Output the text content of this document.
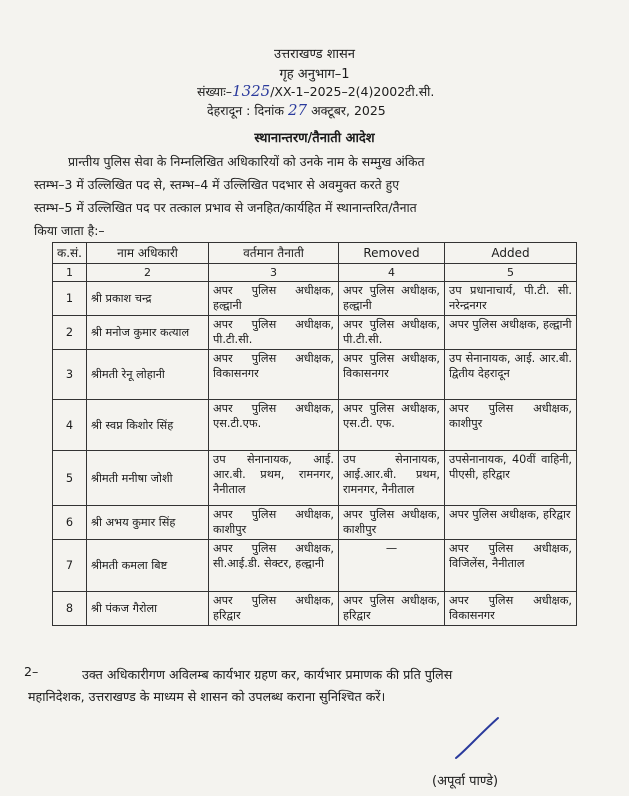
उत्तराखण्ड शासन
गृह अनुभाग–1
संख्याः–1325/XX-1–2025–2(4)2002टी.सी.
देहरादून : दिनांक 27 अक्टूबर, 2025
स्थानान्तरण/तैनाती आदेश
प्रान्तीय पुलिस सेवा के निम्नलिखित अधिकारियों को उनके नाम के सम्मुख अंकित
स्तम्भ–3 में उल्लिखित पद से, स्तम्भ–4 में उल्लिखित पदभार से अवमुक्त करते हुए
स्तम्भ–5 में उल्लिखित पद पर तत्काल प्रभाव से जनहित/कार्यहित में स्थानान्तरित/तैनात
किया जाता है:–
क.सं.	नाम अधिकारी	वर्तमान तैनाती	Removed	Added
1	2	3	4	5
1	श्री प्रकाश चन्द्र	अपर पुलिस अधीक्षक, हल्द्वानी	अपर पुलिस अधीक्षक, हल्द्वानी	उप प्रधानाचार्य, पी.टी. सी. नरेन्द्रनगर
2	श्री मनोज कुमार कत्याल	अपर पुलिस अधीक्षक, पी.टी.सी.	अपर पुलिस अधीक्षक, पी.टी.सी.	अपर पुलिस अधीक्षक, हल्द्वानी
3	श्रीमती रेनू लोहानी	अपर पुलिस अधीक्षक, विकासनगर	अपर पुलिस अधीक्षक, विकासनगर	उप सेनानायक, आई. आर.बी. द्वितीय देहरादून
4	श्री स्वप्न किशोर सिंह	अपर पुलिस अधीक्षक, एस.टी.एफ.	अपर पुलिस अधीक्षक, एस.टी. एफ.	अपर पुलिस अधीक्षक, काशीपुर
5	श्रीमती मनीषा जोशी	उप सेनानायक, आई. आर.बी. प्रथम, रामनगर, नैनीताल	उप सेनानायक, आई.आर.बी. प्रथम, रामनगर, नैनीताल	उपसेनानायक, 40वीं वाहिनी, पीएसी, हरिद्वार
6	श्री अभय कुमार सिंह	अपर पुलिस अधीक्षक, काशीपुर	अपर पुलिस अधीक्षक, काशीपुर	अपर पुलिस अधीक्षक, हरिद्वार
7	श्रीमती कमला बिष्ट	अपर पुलिस अधीक्षक, सी.आई.डी. सेक्टर, हल्द्वानी	—	अपर पुलिस अधीक्षक, विजिलेंस, नैनीताल
8	श्री पंकज गैरोला	अपर पुलिस अधीक्षक, हरिद्वार	अपर पुलिस अधीक्षक, हरिद्वार	अपर पुलिस अधीक्षक, विकासनगर
2–	उक्त अधिकारीगण अविलम्ब कार्यभार ग्रहण कर, कार्यभार प्रमाणक की प्रति पुलिस
महानिदेशक, उत्तराखण्ड के माध्यम से शासन को उपलब्ध कराना सुनिश्चित करें।
(अपूर्वा पाण्डे)
